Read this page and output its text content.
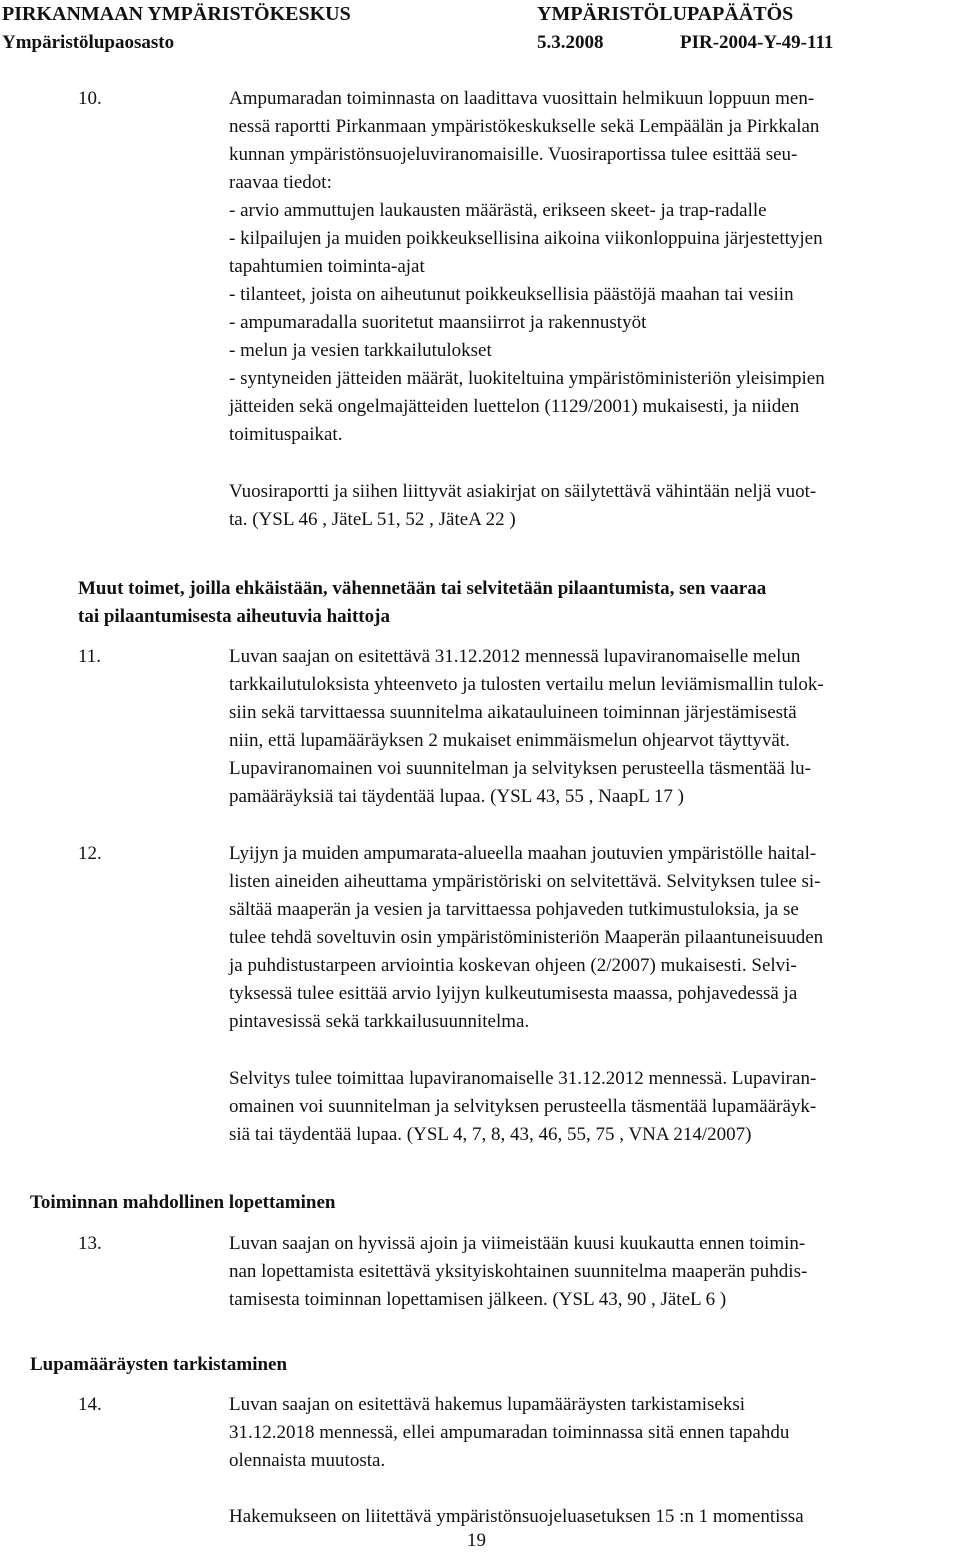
PIRKANMAAN YMPÄRISTÖKESKUS	YMPÄRISTÖLUPAPÄÄTÖS
Ympäristölupaosasto	5.3.2008	PIR-2004-Y-49-111
10.	Ampumaradan toiminnasta on laadittava vuosittain helmikuun loppuun men-
nessä raportti Pirkanmaan ympäristökeskukselle sekä Lempäälän ja Pirkkalan
kunnan ympäristönsuojeluviranomaisille. Vuosiraportissa tulee esittää seu-
raavaa tiedot:
- arvio ammuttujen laukausten määrästä, erikseen skeet- ja trap-radalle
- kilpailujen ja muiden poikkeuksellisina aikoina viikonloppuina järjestettyjen
tapahtumien toiminta-ajat
- tilanteet, joista on aiheutunut poikkeuksellisia päästöjä maahan tai vesiin
- ampumaradalla suoritetut maansiirrot ja rakennustyöt
- melun ja vesien tarkkailutulokset
- syntyneiden jätteiden määrät, luokiteltuina ympäristöministeriön yleisimpien
jätteiden sekä ongelmajätteiden luettelon (1129/2001) mukaisesti, ja niiden
toimituspaikat.
Vuosiraportti ja siihen liittyvät asiakirjat on säilytettävä vähintään neljä vuot-
ta. (YSL 46 , JäteL 51, 52 , JäteA 22 )
Muut toimet, joilla ehkäistään, vähennetään tai selvitetään pilaantumista, sen vaaraa
tai pilaantumisesta aiheutuvia haittoja
11.	Luvan saajan on esitettävä 31.12.2012 mennessä lupaviranomaiselle melun
tarkkailutuloksista yhteenveto ja tulosten vertailu melun leviämismallin tulok-
siin sekä tarvittaessa suunnitelma aikatauluineen toiminnan järjestämisestä
niin, että lupamääräyksen 2 mukaiset enimmäismelun ohjearvot täyttyvät.
Lupaviranomainen voi suunnitelman ja selvityksen perusteella täsmentää lu-
pamääräyksiä tai täydentää lupaa. (YSL 43, 55 , NaapL 17 )
12.	Lyijyn ja muiden ampumarata-alueella maahan joutuvien ympäristölle haital-
listen aineiden aiheuttama ympäristöriski on selvitettävä. Selvityksen tulee si-
sältää maaperän ja vesien ja tarvittaessa pohjaveden tutkimustuloksia, ja se
tulee tehdä soveltuvin osin ympäristöministeriön Maaperän pilaantuneisuuden
ja puhdistustarpeen arviointia koskevan ohjeen (2/2007) mukaisesti. Selvi-
tyksessä tulee esittää arvio lyijyn kulkeutumisesta maassa, pohjavedessä ja
pintavesissä sekä tarkkailusuunnitelma.
Selvitys tulee toimittaa lupaviranomaiselle 31.12.2012 mennessä. Lupaviran-
omainen voi suunnitelman ja selvityksen perusteella täsmentää lupamääräyk-
siä tai täydentää lupaa. (YSL 4, 7, 8, 43, 46, 55, 75 , VNA 214/2007)
Toiminnan mahdollinen lopettaminen
13.	Luvan saajan on hyvissä ajoin ja viimeistään kuusi kuukautta ennen toimin-
nan lopettamista esitettävä yksityiskohtainen suunnitelma maaperän puhdis-
tamisesta toiminnan lopettamisen jälkeen. (YSL 43, 90 , JäteL 6 )
Lupamääräysten tarkistaminen
14.	Luvan saajan on esitettävä hakemus lupamääräysten tarkistamiseksi
31.12.2018 mennessä, ellei ampumaradan toiminnassa sitä ennen tapahdu
olennaista muutosta.
Hakemukseen on liitettävä ympäristönsuojeluasetuksen 15 :n 1 momentissa
19
